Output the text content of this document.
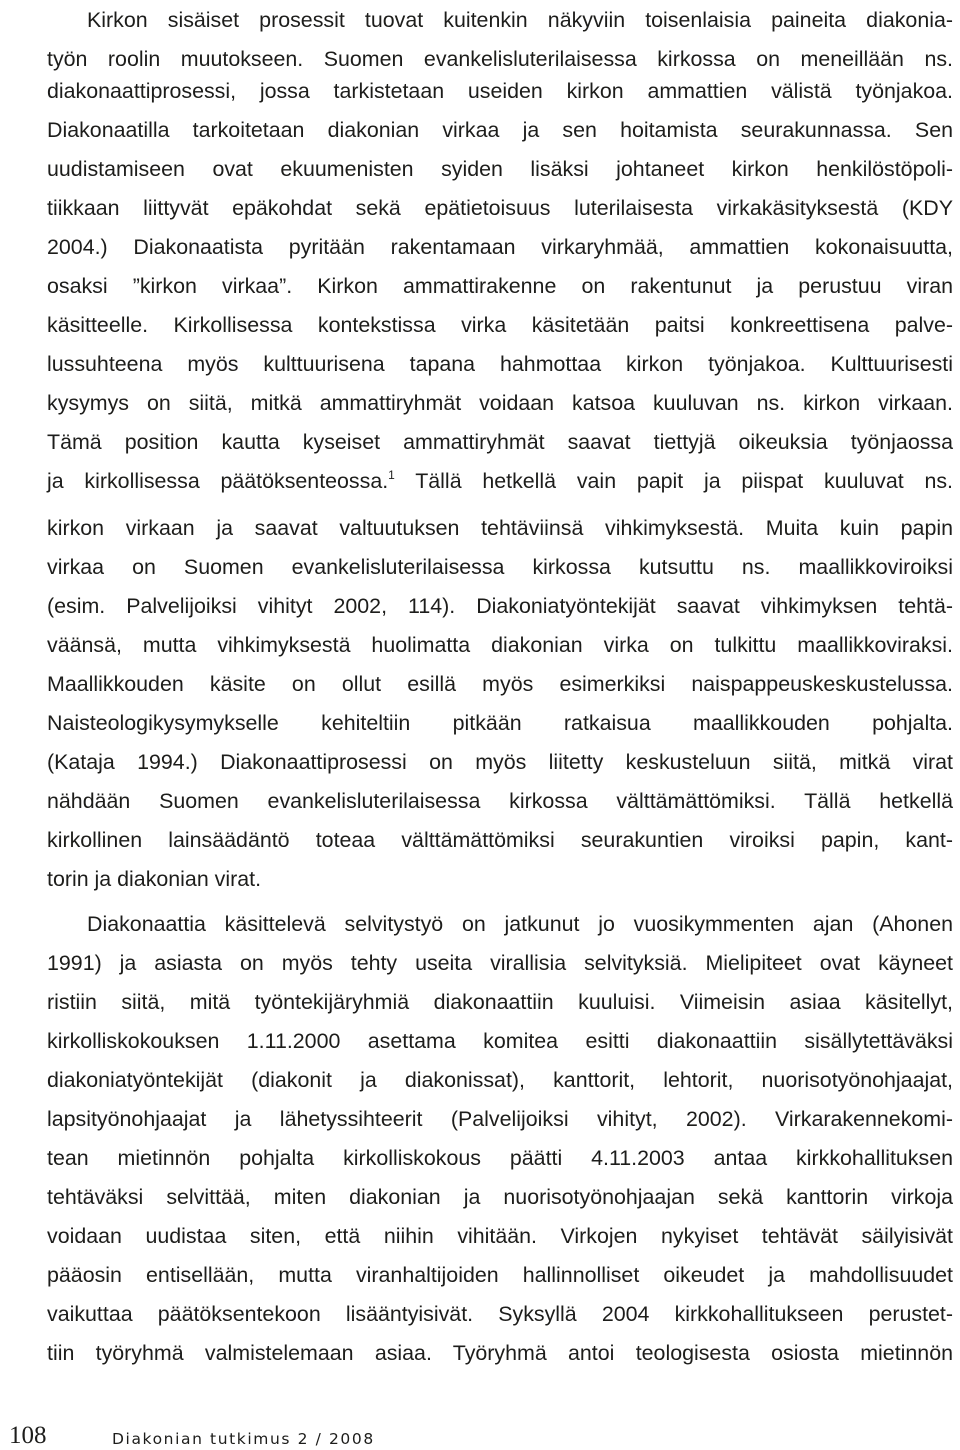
Kirkon sisäiset prosessit tuovat kuitenkin näkyviin toisenlaisia paineita diakonia-
työn roolin muutokseen. Suomen evankelisluterilaisessa kirkossa on meneillään ns.
diakonaattiprosessi, jossa tarkistetaan useiden kirkon ammattien välistä työnjakoa.
Diakonaatilla tarkoitetaan diakonian virkaa ja sen hoitamista seurakunnassa. Sen
uudistamiseen ovat ekuumenisten syiden lisäksi johtaneet kirkon henkilöstöpoli-
tiikkaan liittyvät epäkohdat sekä epätietoisuus luterilaisesta virkakäsityksestä (KDY
2004.) Diakonaatista pyritään rakentamaan virkaryhmää, ammattien kokonaisuutta,
osaksi ”kirkon virkaa”. Kirkon ammattirakenne on rakentunut ja perustuu viran
käsitteelle. Kirkollisessa kontekstissa virka käsitetään paitsi konkreettisena palve-
lussuhteena myös kulttuurisena tapana hahmottaa kirkon työnjakoa. Kulttuurisesti
kysymys on siitä, mitkä ammattiryhmät voidaan katsoa kuuluvan ns. kirkon virkaan.
Tämä position kautta kyseiset ammattiryhmät saavat tiettyjä oikeuksia työnjaossa
ja kirkollisessa päätöksenteossa.$^1$ Tällä hetkellä vain papit ja piispat kuuluvat ns.
kirkon virkaan ja saavat valtuutuksen tehtäviinsä vihkimyksestä. Muita kuin papin
virkaa on Suomen evankelisluterilaisessa kirkossa kutsuttu ns. maallikkoviroiksi
(esim. Palvelijoiksi vihityt 2002, 114). Diakoniatyöntekijät saavat vihkimyksen tehtä-
väänsä, mutta vihkimyksestä huolimatta diakonian virka on tulkittu maallikkoviraksi.
Maallikkouden käsite on ollut esillä myös esimerkiksi naispappeuskeskustelussa.
Naisteologikysymykselle kehiteltiin pitkään ratkaisua maallikkouden pohjalta.
(Kataja 1994.) Diakonaattiprosessi on myös liitetty keskusteluun siitä, mitkä virat
nähdään Suomen evankelisluterilaisessa kirkossa välttämättömiksi. Tällä hetkellä
kirkollinen lainsäädäntö toteaa välttämättömiksi seurakuntien viroiksi papin, kant-
torin ja diakonian virat.
Diakonaattia käsittelevä selvitystyö on jatkunut jo vuosikymmenten ajan (Ahonen
1991) ja asiasta on myös tehty useita virallisia selvityksiä. Mielipiteet ovat käyneet
ristiin siitä, mitä työntekijäryhmiä diakonaattiin kuuluisi. Viimeisin asiaa käsitellyt,
kirkolliskokouksen 1.11.2000 asettama komitea esitti diakonaattiin sisällytettäväksi
diakoniatyöntekijät (diakonit ja diakonissat), kanttorit, lehtorit, nuorisotyönohjaajat,
lapsityönohjaajat ja lähetyssihteerit (Palvelijoiksi vihityt, 2002). Virkarakennekomi-
tean mietinnön pohjalta kirkolliskokous päätti 4.11.2003 antaa kirkkohallituksen
tehtäväksi selvittää, miten diakonian ja nuorisotyönohjaajan sekä kanttorin virkoja
voidaan uudistaa siten, että niihin vihitään. Virkojen nykyiset tehtävät säilyisivät
pääosin entisellään, mutta viranhaltijoiden hallinnolliset oikeudet ja mahdollisuudet
vaikuttaa päätöksentekoon lisääntyisivät. Syksyllä 2004 kirkkohallitukseen perustet-
tiin työryhmä valmistelemaan asiaa. Työryhmä antoi teologisesta osiosta mietinnön
108	Diakonian tutkimus 2 / 2008
